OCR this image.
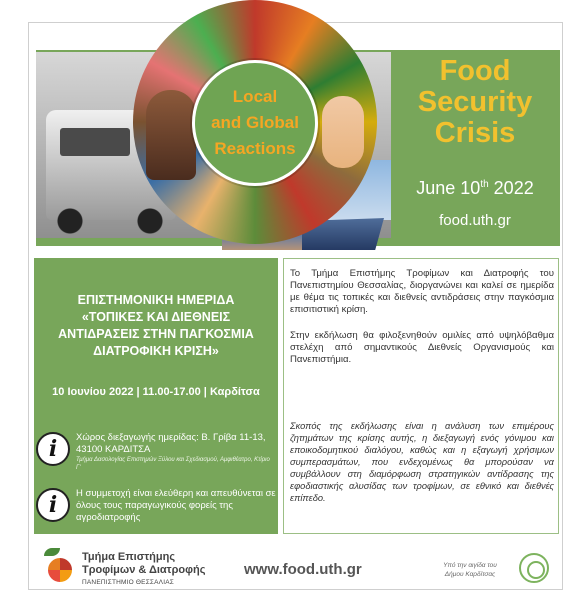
Local
and Global
Reactions
Food
Security
Crisis
June 10th 2022
food.uth.gr
ΕΠΙΣΤΗΜΟΝΙΚΗ ΗΜΕΡΙΔΑ
«ΤΟΠΙΚΕΣ ΚΑΙ ΔΙΕΘΝΕΙΣ
ΑΝΤΙΔΡΑΣΕΙΣ ΣΤΗΝ ΠΑΓΚΟΣΜΙΑ
ΔΙΑΤΡΟΦΙΚΗ ΚΡΙΣΗ»
10 Ιουνίου 2022 | 11.00-17.00 | Καρδίτσα
i	Χώρος διεξαγωγής ημερίδας: Β. Γρίβα 11-13,
43100 ΚΑΡΔΙΤΣΑ
Τμήμα Δασολογίας Επιστημών Ξύλου και Σχεδιασμού, Αμφιθέατρο, Κτίριο Γ'
i	Η συμμετοχή είναι ελεύθερη και απευθύνεται σε όλους τους παραγωγικούς φορείς της αγροδιατροφής
Το Τμήμα Επιστήμης Τροφίμων και Διατροφής του Πανεπιστημίου Θεσσαλίας, διοργανώνει και καλεί σε ημερίδα με θέμα τις τοπικές και διεθνείς αντιδράσεις στην παγκόσμια επισιτιστική κρίση.
Στην εκδήλωση θα φιλοξενηθούν ομιλίες από υψηλόβαθμα στελέχη από σημαντικούς Διεθνείς Οργανισμούς και Πανεπιστήμια.
Σκοπός της εκδήλωσης είναι η ανάλυση των επιμέρους ζητημάτων της κρίσης αυτής, η διεξαγωγή ενός γόνιμου και εποικοδομητικού διαλόγου, καθώς και η εξαγωγή χρήσιμων συμπερασμάτων, που ενδεχομένως θα μπορούσαν να συμβάλλουν στη διαμόρφωση στρατηγικών αντίδρασης της εφοδιαστικής αλυσίδας των τροφίμων, σε εθνικό και διεθνές επίπεδο.
Τμήμα Επιστήμης
Τροφίμων & Διατροφής
ΠΑΝΕΠΙΣΤΗΜΙΟ ΘΕΣΣΑΛΙΑΣ
www.food.uth.gr	Υπό την αιγίδα του
Δήμου Καρδίτσας
